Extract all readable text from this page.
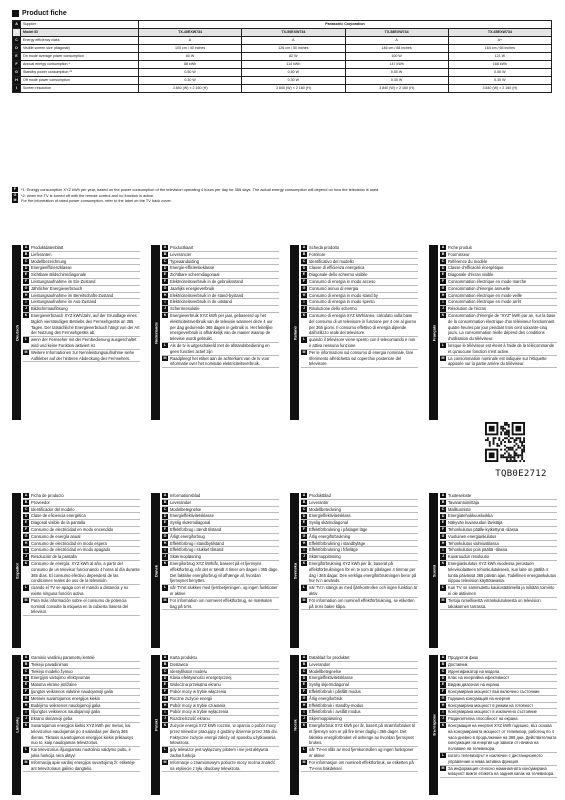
Product fiche
A	Supplier	Panasonic Corporation			
B	Model ID	TX-40EXW734	TX-50EXW734	TX-58EXW734	TX-65EXW734
C	Energy efficiency class	A	A	A	A+
D	Visible screen size (diagonal)	100 cm / 40 inches	126 cm / 50 inches	146 cm / 58 inches	164 cm / 65 inches
E	On mode average power consumption	60 W	82 W	100 W	121 W
F	Annual energy consumption *	88 kWh	114 kWh	147 kWh	168 kWh
G	Standby power consumption *²	0.50 W	0.50 W	0.50 W	0.50 W
H	Off mode power consumption	0.30 W	0.30 W	0.30 W	0.30 W
I	Screen resolution	3 840 (W) × 2 160 (H)	3 840 (W) × 2 160 (H)	3 840 (W) × 2 160 (H)	3 840 (W) × 2 160 (H)
F	*1: Energy consumption XYZ kWh per year, based on the power consumption of the television operating 4 hours per day for 365 days. The actual energy consumption will depend on how the television is used.
G	*2: when the TV is turned off with the remote control and no function is active.
M	For the information of rated power consumption, refer to the label on the TV back cover.
Deutsch
A Produktdatenblatt
B Lieferanten
C Modellbezeichnung
D Energieeffizienzklasse
E Sichtbare Bildschirmdiagonale
F Leistungsaufnahme im Ein-Zustand
G Jährlicher Energieverbrauch
H Leistungsaufnahme im Bereitschafts-Zustand
I	Leistungsaufnahme im Aus-Zustand
J Bildschirmauflösung
K Energieverbrauch XYZ kWh/Jahr, auf der Grundlage eines täglich vierstündigen Betriebs des Fernsehgeräts an 365 Tagen. Der tatsächliche Energieverbrauch hängt von der Art der Nutzung des Fernsehgeräts ab.
L wenn der Fernseher mit der Fernbedienung ausgeschaltet wird und keine Funktion aktiviert ist
M Weitere Informationen zur Nennleistungsaufnahme siehe Aufkleber auf der hinteren Abdeckung des Fernsehers.
Nederlands
A Productkaart
B Leverancier
C Typeaanduiding
D Energie-efficiëntieklasse
E Zichtbare schermdiagonaal
F Elektriciteitsverbruik in de gebruiksstand
G Jaarlijks energieverbruik
H Elektriciteitsverbruik in de stand-bystand
I	Elektriciteitsverbruik in de uitstand
J Schermresolutie
K Energieverbruik XYZ kWh per jaar, gebaseerd op het elektriciteitsverbruik van de televisie wanneer deze 4 uur per dag gedurende 365 dagen in gebruik is. Het feitelijke energieverbruik is afhankelijk van de manier waarop de televisie wordt gebruikt.
L Als de tv is uitgeschakeld met de afstandsbediening en geen functies actief zijn
M Raadpleegt het etiket aan de achterkant van de tv voor informatie over het nominale elektriciteitsverbruik.
Italiano
A Scheda prodotto
B Fornitore
C Identificativo del modello
D Classe di efficienza energetica
E Diagonale dello schermo visibile
F Consumo di energia in modo acceso
G Consumo annuo di energia
H Consumo di energia in modo stand by
I	Consumo di energia in modo spento
J Risoluzione dello schermo
K Consumo di energia XYZ kWh/anno, calcolato sulla base del consumo di un televisore in funzione per 4 ore al giorno per 365 giorni. Il consumo effettivo di energia dipende dall'utilizzo reale del televisore.
L quando il televisore viene spento con il telecomando e non è attiva nessuna funzione
M Per le informazioni sul consumo di energia nominale, fare riferimento all'etichetta sul coperchio posteriore del televisore.
Français
A Fiche produit
B Fournisseur
C Référence du modèle
D Classe d'efficacité énergétique
E Diagonale d'écran visible
F Consommation électrique en mode marche
G Consommation d'énergie annuelle
H Consommation électrique en mode veille
I	Consommation électrique en mode arrêt
J Résolution de l'écran
K Consommation d'énergie de "XYZ" kWh par an, sur la base de la consommation électrique d'un téléviseur fonctionnant quatre heures par jour pendant trois cent soixante-cinq jours. La consommation réelle dépend des conditions d'utilisation du téléviseur.
L lorsque le téléviseur est éteint à l'aide de la télécommande et qu'aucune fonction n'est active.
M La consommation nominale est indiquée sur l'étiquette apposée sur la partie arrière du téléviseur.
Español
A Ficha de producto
B Proveedor
C Identificador del modelo
D Clase de eficiencia energética
E Diagonal visible de la pantalla
F Consumo de electricidad en modo encendido
G Consumo de energía anual
H Consumo de electricidad en modo espera
I	Consumo de electricidad en modo apagado
J Resolución de la pantalla
K Consumo de energía: XYZ kWh al año, a partir del consumo de un televisor funcionando 4 horas al día durante 365 días. El consumo efectivo dependerá de las condiciones reales de uso de la televisión.
L cuando el TV se apaga con el mando a distancia y no existe ninguna función activa
M Para más información sobre el consumo de potencia nominal consulte la etiqueta en la cubierta trasera del televisor.
Dansk
A Informationsblad
B Leverandør
C Modelbetegnelse
D Energieffektivitetsklasse
E Synlig skærmdiagonal
F Effektforbrug i tændt tilstand
G Årligt energiforbrug
H Effektforbrug i standbytilstand
I	Effektforbrug i slukket tilstand
J Skærmopløsning
K Energiforbrug XYZ kWh/år, baseret på et fjernsyns effektforbrug, når det er tændt 4 timer om dagen i 365 dage. Det faktiske energiforbrug vil afhænge af, hvordan fjernsynet benyttes.
L når TV'et slukkes med fjernbetjeningen, og ingen funktioner er aktive
M For information om normeret effektforbrug, se mærkaten bag på tv'et.
Svenska
A Produktblad
B Leverantör
C Modellbeteckning
D Energieffektivitetsklass
E Synlig skärmdiagonal
F Effektförbrukning i påslaget läge
G Årlig energiförbrukning
H Effektförbrukning i standbyläge
I	Effektförbrukning i frånläge
J Skärmupplösning
K Energiförbrukning XYZ kWh per år, baserat på effektförbrukningen för en tv som är påslagen 4 timmar per dag i 365 dagar. Den verkliga energiförbrukningen beror på hur tv:n används.
L när TV:n stängs av med fjärrkontrollen och ingen funktion är aktiv
M För information om nominell effektförbrukning, se etiketten på tv:ns bakre kåpa.
Suomi
A Tuoteseloste
B Tavarantoimittaja
C Mallitunniste
D Energiatehokkuusluokka
E Näkyvän kuvaruudun lävistäjä
F Tehonkulutus päälle-kytkettynä -tilassa
G Vuotuinen energiankulutus
H Tehonkulutus valmiustilassa
I	Tehonkulutus pois päältä -tilassa
J Kuvaruudun resoluutio
K Energiankulutus XYZ kWh vuodessa perustuen televisiolaitteen tehonkulutukseen, kun laite on päällä 4 tuntia päivässä 365 päivän ajan. Todellinen energiankulutus riippuu television käyttötavasta.
L Kun TV on sammutettu kaukosäätimellä ja mikään toiminto ei ole aktiivinen
M Tietoja nimellisestä virrankulutuksesta on television takakannen tarrassa.
Lietuvių
A Gaminio vardinių parametrų lentelė
B Tiekėjo pavadinimas
C Tiekėjo modelio žymuo
D Energijos vartojimo efektyvumas
E Matoma ekrano įstrižainė
F Įjungtos veiksenos vidutinė naudojamoji galia
G Metinės suvartojamos energijos kiekis
H Budėjimo veiksenos naudojamoji galia
I	Išjungtos veiksenos naudojamoji galia
J Ekrano skiriamoji geba
K Suvartojamos energijos kiekis XYZ kWh per metus, kai televizorius naudojamas po 4 valandas per dieną 365 dienas. Tikrasis suvartojamos energijos kiekis priklausys nuo to, kaip naudojamas televizorius.
L Kai televizorius išjungiamas nuotolinio valdymo pultu, ir jokia funkcija nėra aktyvi
M Informaciją apie vardinį energijos suvartojimą žr. etiketėje ant televizoriaus galinio dangtelio.
Polski
A Karta produktu
B Dostawca
C Identyfikator modelu
D Klasa efektywności energetycznej
E Widoczna przekątna ekranu
F Pobór mocy w trybie włączenia
G Roczne zużycie energii
H Pobór mocy w trybie czuwania
I	Pobór mocy w trybie wyłączenia
J Rozdzielczość ekranu
K Zużycie energii XYZ kWh rocznie, w oparciu o pobór mocy przez telewizor pracujący 4 godziny dziennie przez 365 dni. Faktyczne zużycie energii zależy od sposobu użytkowania telewizora.
L gdy telewizor jest wyłączony pilotem i nie jest aktywna żadna funkcja
M Informacje o znamionowym poborze mocy można znaleźć na etykiecie z tyłu obudowy telewizora.
Norsk
A Datablad for produktet
B Leverandør
C Modellbetegnelse
D Energieffektivitetsklasse
E Synlig skjermdiagonal
F Effektforbruk i påslått modus
G Årlig energiforbruk
H Effektforbruk i standby-modus
I	Effektforbruk i avslått modus
J Skjermoppløsning
K Energiforbruk XYZ kWh per år, basert på strømforbruket til et fjernsyn som er på fire timer daglig i 365 dager. Det faktiske energiforbruket vil avhenge av hvordan fjernsynet brukes.
L når TV-en slås av med fjernkontrollen og ingen funksjoner er aktive
M For informasjon om nominelt effektforbruk, se etiketten på TV-ens bakdeksel.
Български
A Продуктов фиш
B Доставчик
C Идентификатор на модела
D Клас на енергийна ефективност
E Видим диагонал на екрана
F Консумирана мощност във включено състояние
G Годишна консумация на енергия
H Консумирана мощност в режим на готовност
I	Консумирана мощност в изключено състояние
J Разделителна способност на екрана
K Консумация на енергия XYZ kWh годишно, въз основа на консумираната мощност от телевизор, работещ по 4 часа дневно в продължение на 365 дни. Действителната консумация на енергия ще зависи от начина на ползване на телевизора.
L когато телевизорът е изключен с дистанционното управление и няма активна функция
M За информация относно номиналната консумирана мощност вижте етикета на задния капак на телевизора.
TQB0E2712
